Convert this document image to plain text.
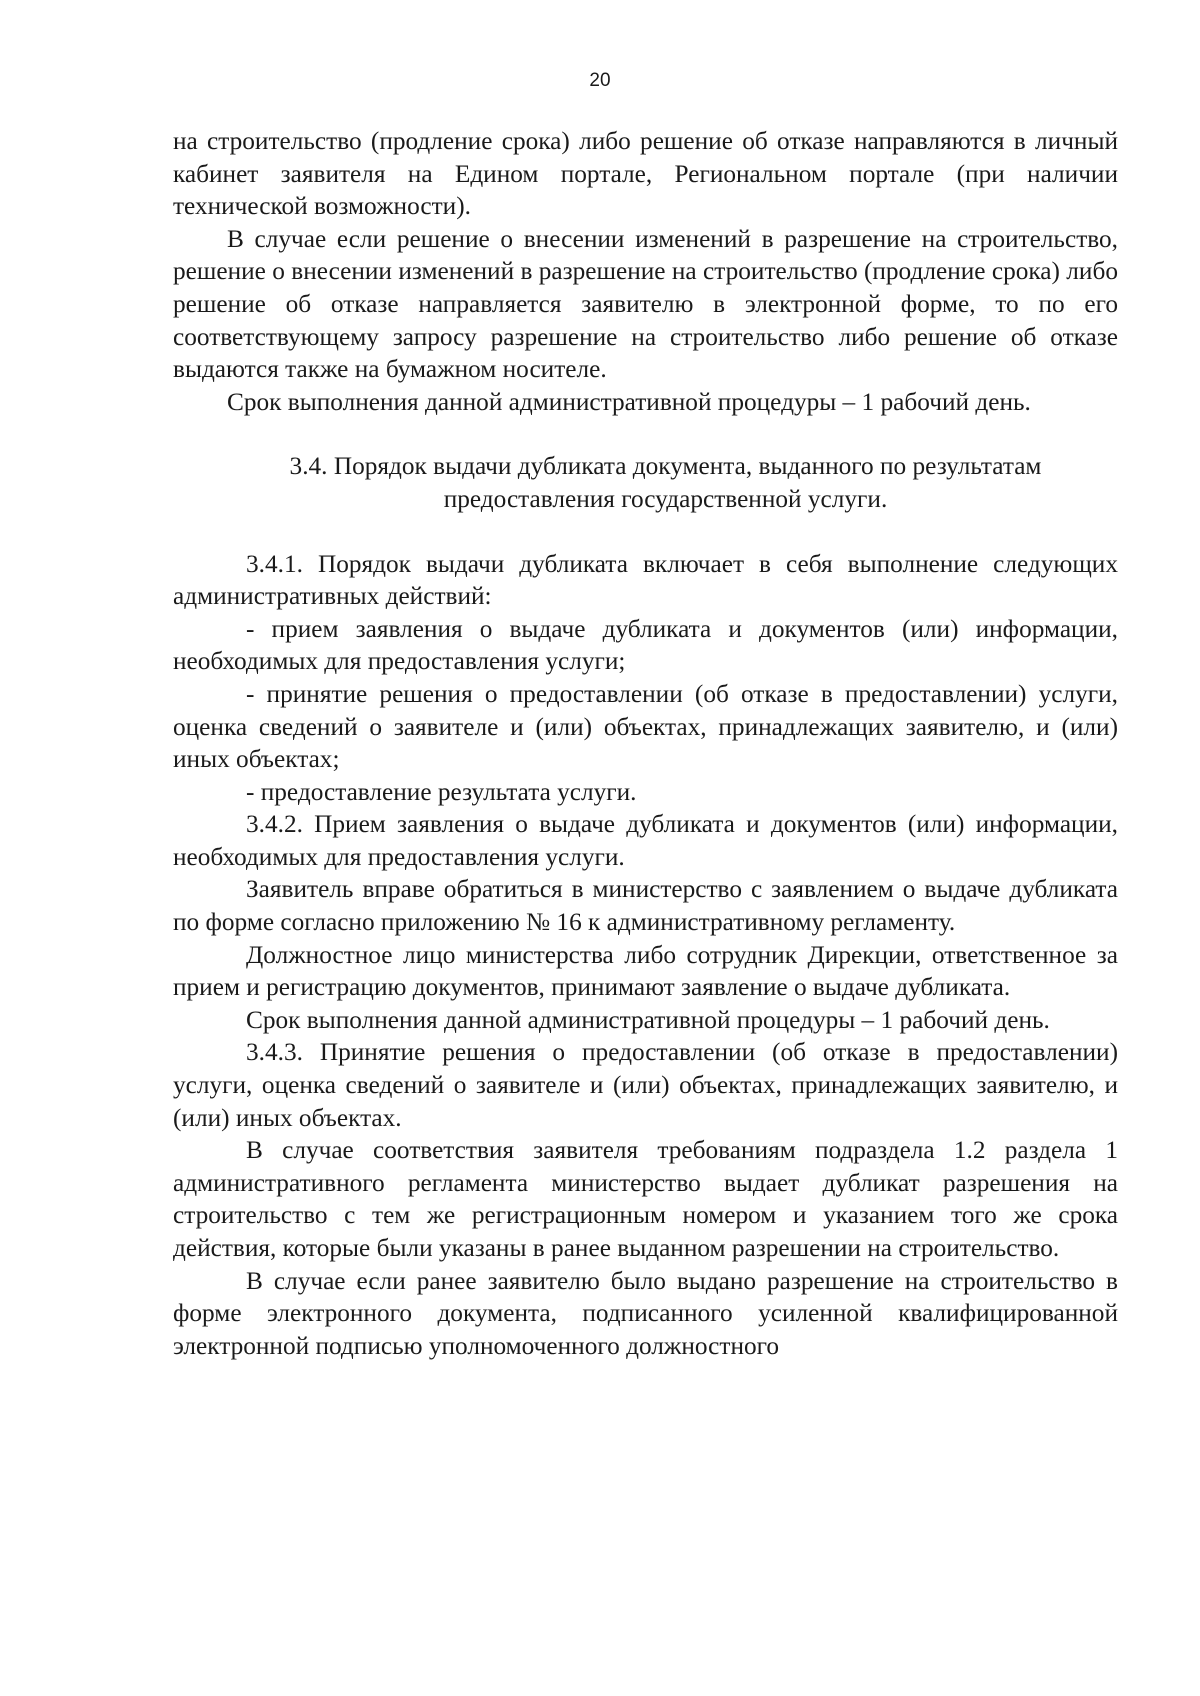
20

на строительство (продление срока) либо решение об отказе направляются в личный кабинет заявителя на Едином портале, Региональном портале (при наличии технической возможности).

В случае если решение о внесении изменений в разрешение на строительство, решение о внесении изменений в разрешение на строительство (продление срока) либо решение об отказе направляется заявителю в электронной форме, то по его соответствующему запросу разрешение на строительство либо решение об отказе выдаются также на бумажном носителе.

Срок выполнения данной административной процедуры – 1 рабочий день.

3.4. Порядок выдачи дубликата документа, выданного по результатам
предоставления государственной услуги.

3.4.1. Порядок выдачи дубликата включает в себя выполнение следующих административных действий:

- прием заявления о выдаче дубликата и документов (или) информации, необходимых для предоставления услуги;

- принятие решения о предоставлении (об отказе в предоставлении) услуги, оценка сведений о заявителе и (или) объектах, принадлежащих заявителю, и (или) иных объектах;

- предоставление результата услуги.

3.4.2. Прием заявления о выдаче дубликата и документов (или) информации, необходимых для предоставления услуги.

Заявитель вправе обратиться в министерство с заявлением о выдаче дубликата по форме согласно приложению № 16 к административному регламенту.

Должностное лицо министерства либо сотрудник Дирекции, ответственное за прием и регистрацию документов, принимают заявление о выдаче дубликата.

Срок выполнения данной административной процедуры – 1 рабочий день.

3.4.3. Принятие решения о предоставлении (об отказе в предоставлении) услуги, оценка сведений о заявителе и (или) объектах, принадлежащих заявителю, и (или) иных объектах.

В случае соответствия заявителя требованиям подраздела 1.2 раздела 1 административного регламента министерство выдает дубликат разрешения на строительство с тем же регистрационным номером и указанием того же срока действия, которые были указаны в ранее выданном разрешении на строительство.

В случае если ранее заявителю было выдано разрешение на строительство в форме электронного документа, подписанного усиленной квалифицированной электронной подписью уполномоченного должностного
